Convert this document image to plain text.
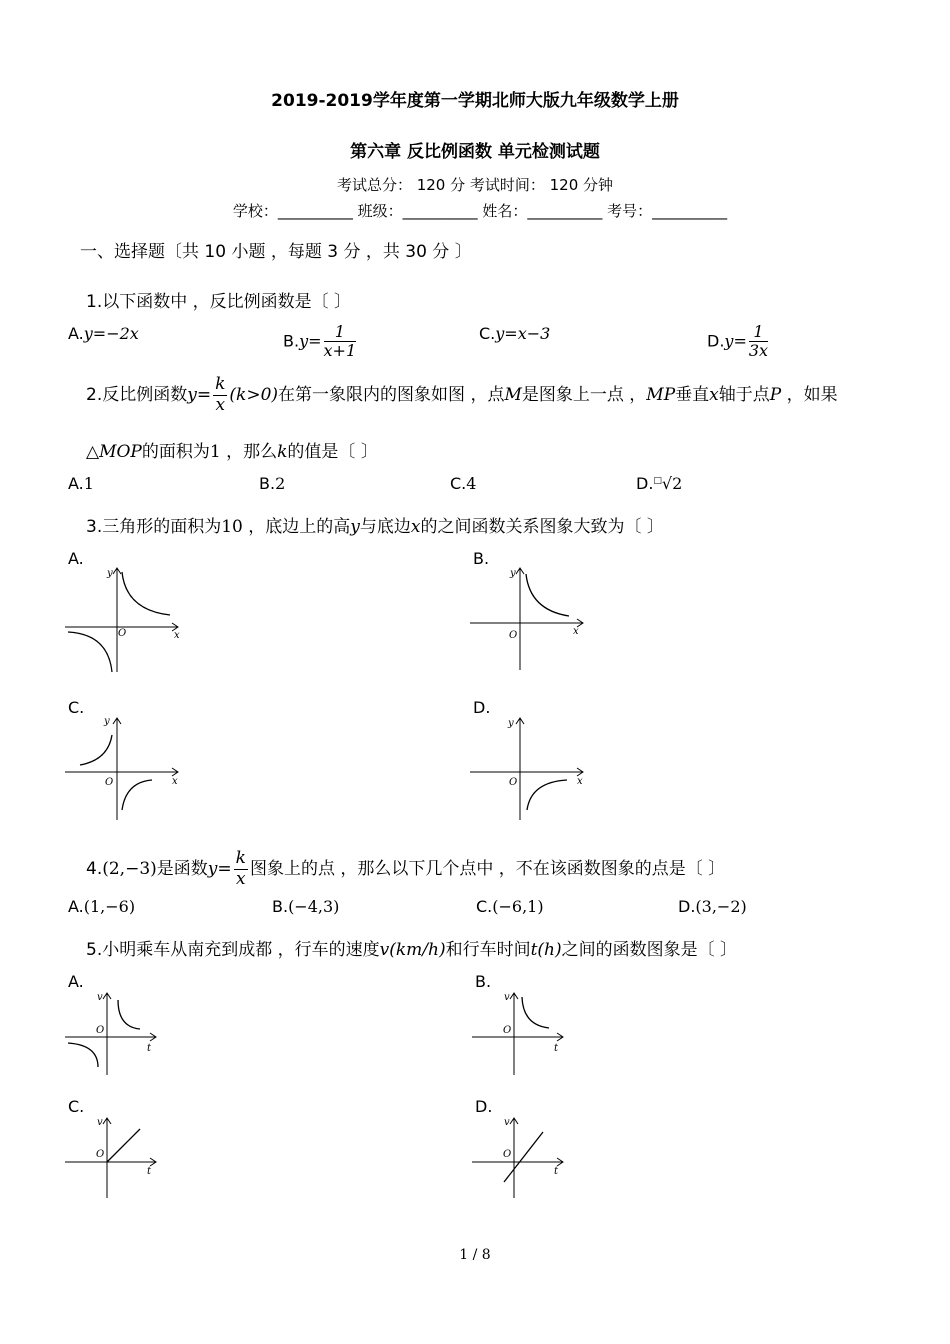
2019-2019学年度第一学期北师大版九年级数学上册
第六章 反比例函数 单元检测试题
考试总分： 120 分 考试时间： 120 分钟
学校：__________ 班级：__________ 姓名：__________ 考号：__________
一、选择题〔共 10 小题 ，每题 3 分 ，共 30 分 〕
1.以下函数中 ，反比例函数是〔 〕
A.y=−2x	$B.y= \frac{1}{x+1}$	C.y=x−3	$D.y= \frac{1}{3x}$
2.反比例函数$y= \frac{k}{x} (k>0)$在第一象限内的图象如图 ，点M是图象上一点 ，MP垂直x轴于点P ，如果
△MOP的面积为1 ，那么k的值是〔 〕
A.1	B.2	C.4	D.□√2
3.三角形的面积为10 ，底边上的高y与底边x的之间函数关系图象大致为〔 〕
A.
x
y
O
B.
x
y
O
C.
x
y
O
D.
x
y
O
4.(2,−3)是函数$y= \frac{k}{x}$ 图象上的点 ，那么以下几个点中 ，不在该函数图象的点是〔 〕
A.(1,−6)	B.(−4,3)	C.(−6,1)	D.(3,−2)
5.小明乘车从南充到成都 ，行车的速度v(km/h)和行车时间t(h)之间的函数图象是〔 〕
A.
t
v
O
B.
t
v
O
C.
t
v
O
D.
t
v
O
1 / 8
